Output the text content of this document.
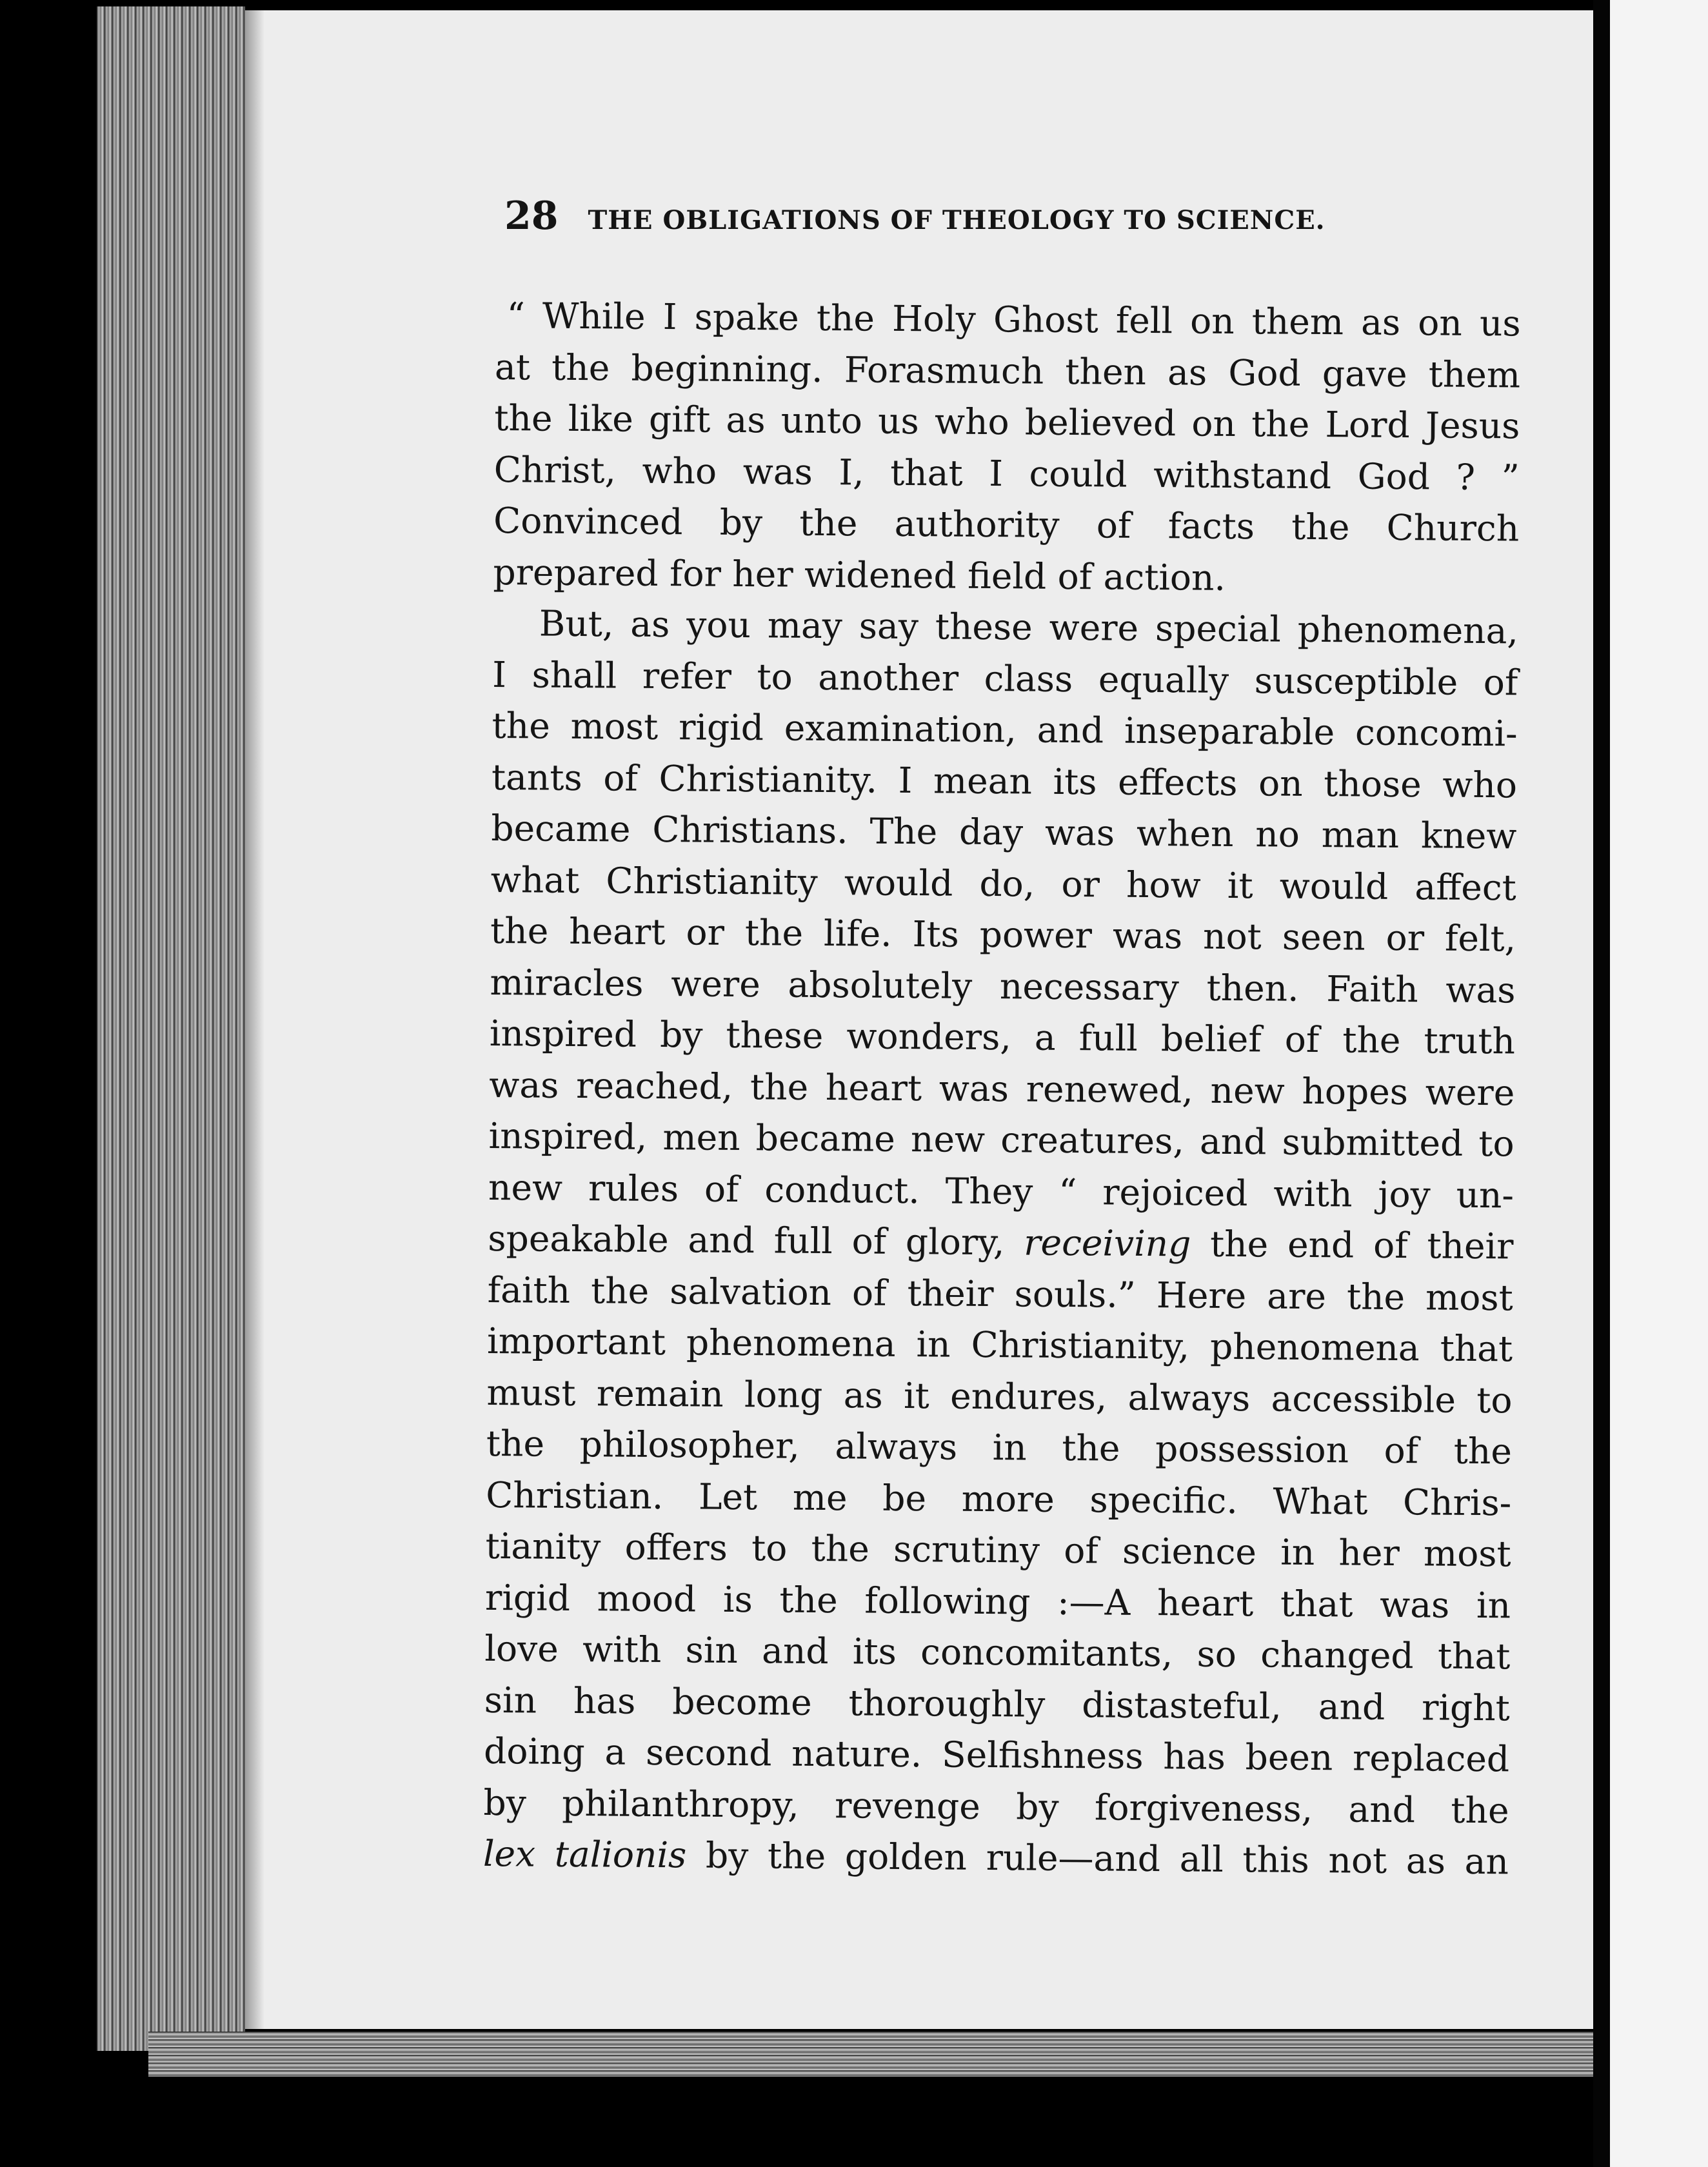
28 THE OBLIGATIONS OF THEOLOGY TO SCIENCE.
“ While I spake the Holy Ghost fell on them as on us
at the beginning. Forasmuch then as God gave them
the like gift as unto us who believed on the Lord Jesus
Christ, who was I, that I could withstand God ? ”
Convinced by the authority of facts the Church
prepared for her widened field of action.
But, as you may say these were special phenomena,
I shall refer to another class equally susceptible of
the most rigid examination, and inseparable concomi-
tants of Christianity. I mean its effects on those who
became Christians. The day was when no man knew
what Christianity would do, or how it would affect
the heart or the life. Its power was not seen or felt,
miracles were absolutely necessary then. Faith was
inspired by these wonders, a full belief of the truth
was reached, the heart was renewed, new hopes were
inspired, men became new creatures, and submitted to
new rules of conduct. They “ rejoiced with joy un-
speakable and full of glory, receiving the end of their
faith the salvation of their souls.” Here are the most
important phenomena in Christianity, phenomena that
must remain long as it endures, always accessible to
the philosopher, always in the possession of the
Christian. Let me be more specific. What Chris-
tianity offers to the scrutiny of science in her most
rigid mood is the following :—A heart that was in
love with sin and its concomitants, so changed that
sin has become thoroughly distasteful, and right
doing a second nature. Selfishness has been replaced
by philanthropy, revenge by forgiveness, and the
lex talionis by the golden rule—and all this not as an
